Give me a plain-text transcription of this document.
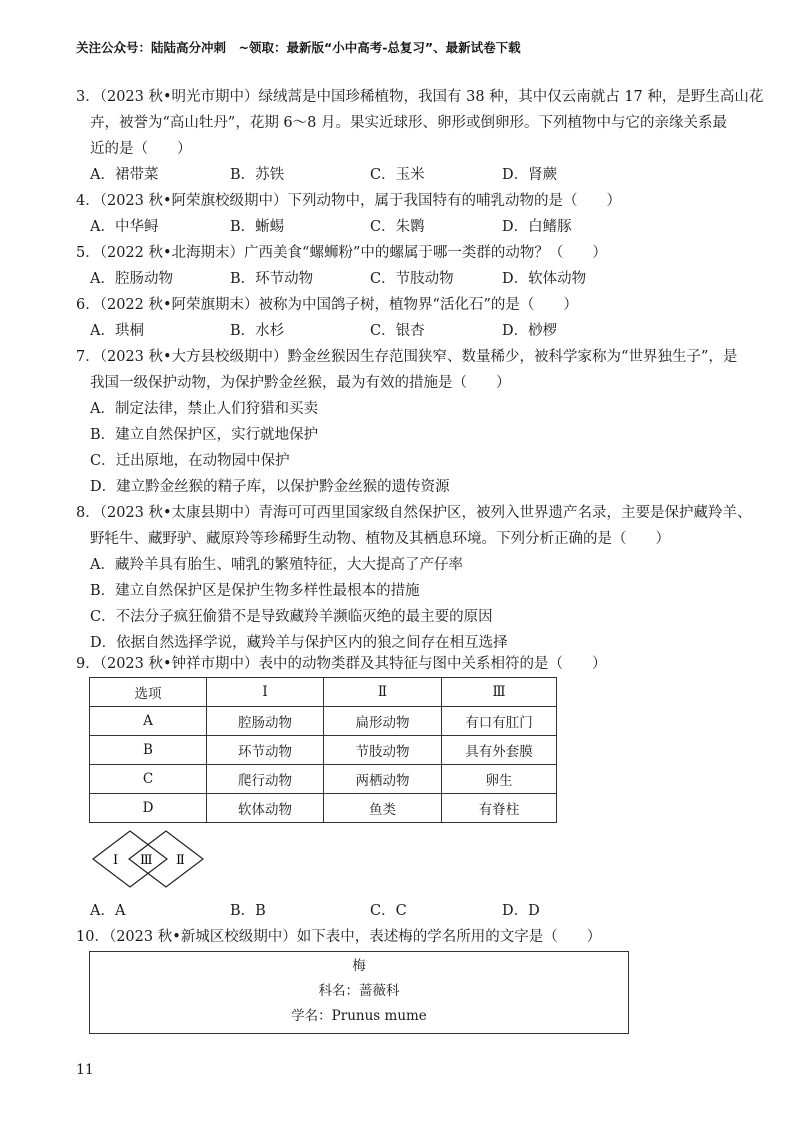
关注公众号：陆陆高分冲刺　~领取：最新版“小中高考-总复习”、最新试卷下载
3．（2023 秋•明光市期中）绿绒蒿是中国珍稀植物，我国有 38 种，其中仅云南就占 17 种，是野生高山花
卉，被誉为“高山牡丹”，花期 6～8 月。果实近球形、卵形或倒卵形。下列植物中与它的亲缘关系最
近的是（　　）
A．裙带菜	B．苏铁	C．玉米	D．肾蕨
4．（2023 秋•阿荣旗校级期中）下列动物中，属于我国特有的哺乳动物的是（　　）
A．中华鲟	B．蜥蜴	C．朱鹮	D．白鳍豚
5．（2022 秋•北海期末）广西美食“螺蛳粉”中的螺属于哪一类群的动物？（　　）
A．腔肠动物	B．环节动物	C．节肢动物	D．软体动物
6．（2022 秋•阿荣旗期末）被称为中国鸽子树，植物界“活化石”的是（　　）
A．珙桐	B．水杉	C．银杏	D．桫椤
7．（2023 秋•大方县校级期中）黔金丝猴因生存范围狭窄、数量稀少，被科学家称为“世界独生子”，是
我国一级保护动物，为保护黔金丝猴，最为有效的措施是（　　）
A．制定法律，禁止人们狩猎和买卖
B．建立自然保护区，实行就地保护
C．迁出原地，在动物园中保护
D．建立黔金丝猴的精子库，以保护黔金丝猴的遗传资源
8．（2023 秋•太康县期中）青海可可西里国家级自然保护区，被列入世界遗产名录，主要是保护藏羚羊、
野牦牛、藏野驴、藏原羚等珍稀野生动物、植物及其栖息环境。下列分析正确的是（　　）
A．藏羚羊具有胎生、哺乳的繁殖特征，大大提高了产仔率
B．建立自然保护区是保护生物多样性最根本的措施
C．不法分子疯狂偷猎不是导致藏羚羊濒临灭绝的最主要的原因
D．依据自然选择学说，藏羚羊与保护区内的狼之间存在相互选择
9．（2023 秋•钟祥市期中）表中的动物类群及其特征与图中关系相符的是（　　）
选项	Ⅰ	Ⅱ	Ⅲ
A	腔肠动物	扁形动物	有口有肛门
B	环节动物	节肢动物	具有外套膜
C	爬行动物	两栖动物	卵生
D	软体动物	鱼类	有脊柱
Ⅰ Ⅲ Ⅱ
A．A	B．B	C．C	D．D
10．（2023 秋•新城区校级期中）如下表中，表述梅的学名所用的文字是（　　）
梅
科名：蔷薇科
学名：Prunus mume
11
